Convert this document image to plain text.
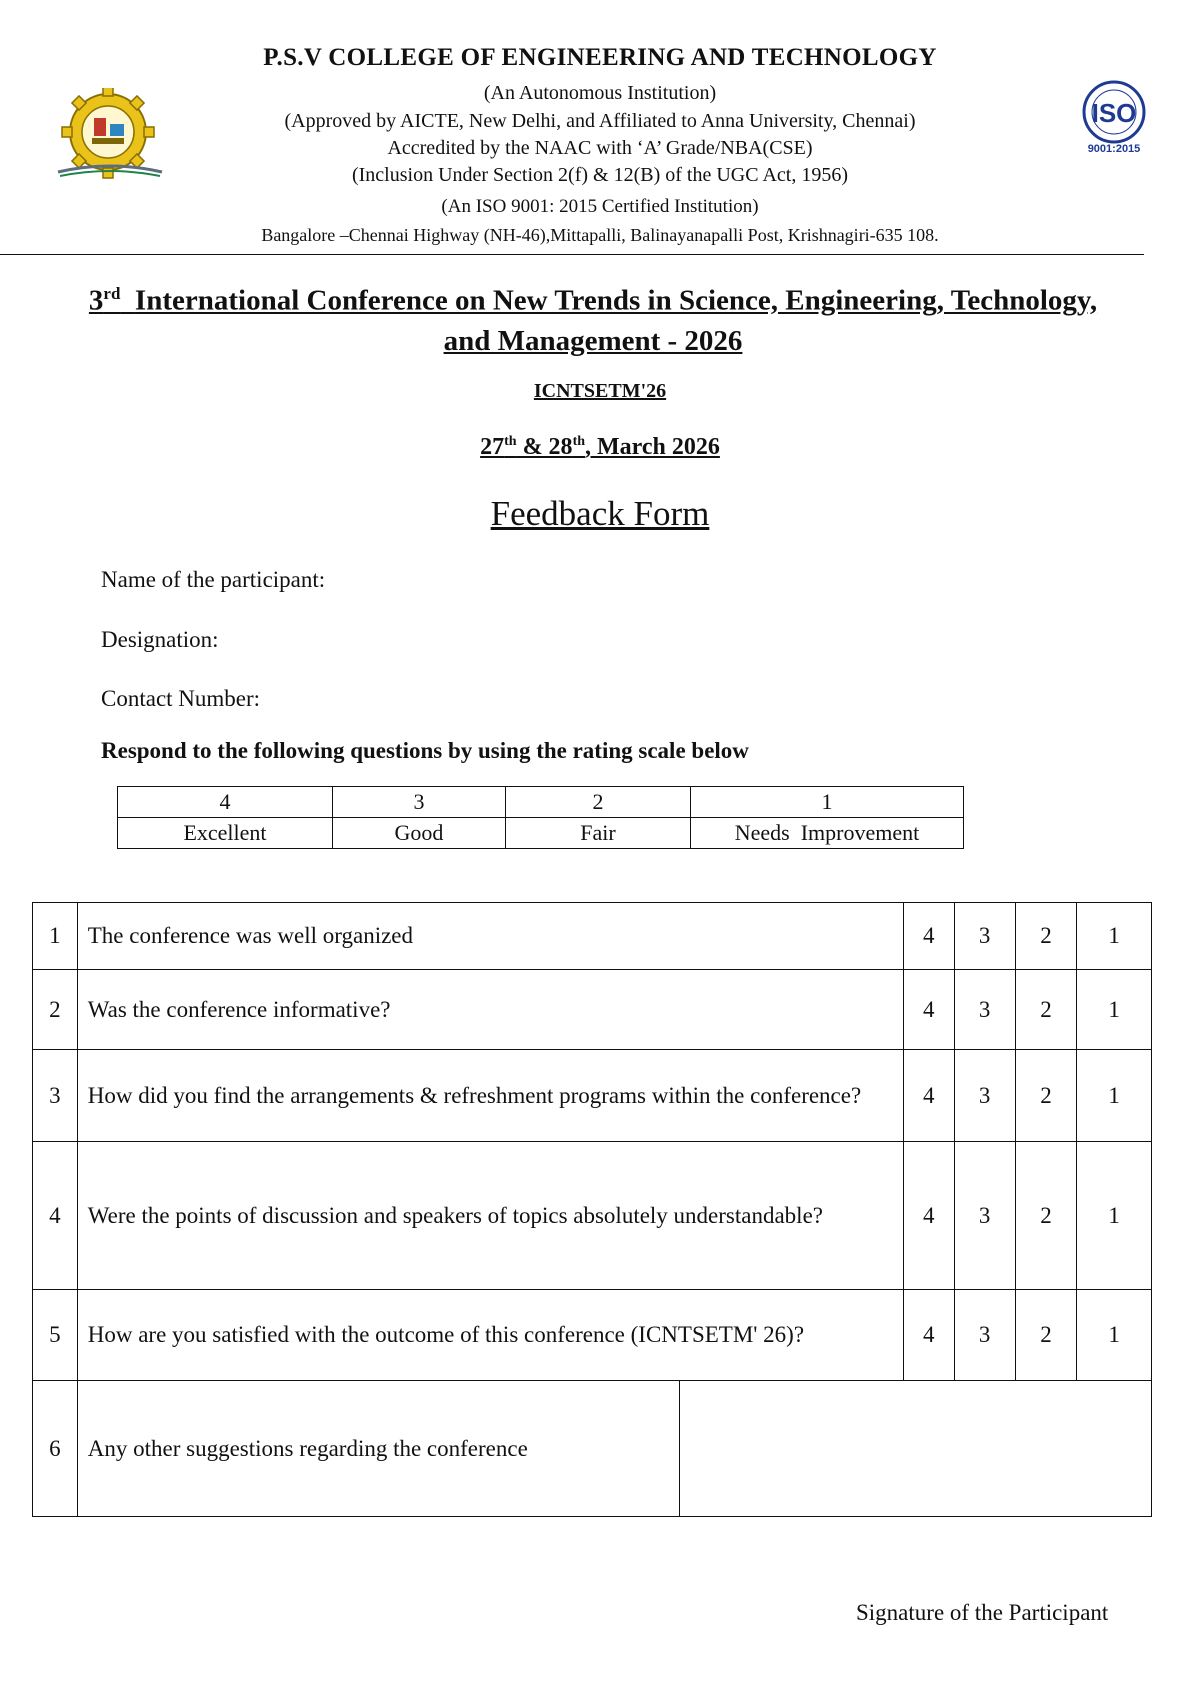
ISO
9001:2015
P.S.V COLLEGE OF ENGINEERING AND TECHNOLOGY
(An Autonomous Institution)
(Approved by AICTE, New Delhi, and Affiliated to Anna University, Chennai)
Accredited by the NAAC with ‘A’ Grade/NBA(CSE)
(Inclusion Under Section 2(f) & 12(B) of the UGC Act, 1956)
(An ISO 9001: 2015 Certified Institution)
Bangalore –Chennai Highway (NH-46),Mittapalli, Balinayanapalli Post, Krishnagiri-635 108.
3rd International Conference on New Trends in Science, Engineering, Technology,
and Management - 2026
ICNTSETM'26
27th & 28th, March 2026
Feedback Form
Name of the participant:
Designation:
Contact Number:
Respond to the following questions by using the rating scale below
4	3	2	1
Excellent	Good	Fair	Needs  Improvement
1	The conference was well organized		4	3	2	1
2	Was the conference informative?		4	3	2	1
3	How did you find the arrangements & refreshment programs within the conference?		4	3	2	1
4	Were the points of discussion and speakers of topics absolutely understandable?		4	3	2	1
5	How are you satisfied with the outcome of this conference (ICNTSETM' 26)?		4	3	2	1
6	Any other suggestions regarding the conference					
Signature of the Participant
